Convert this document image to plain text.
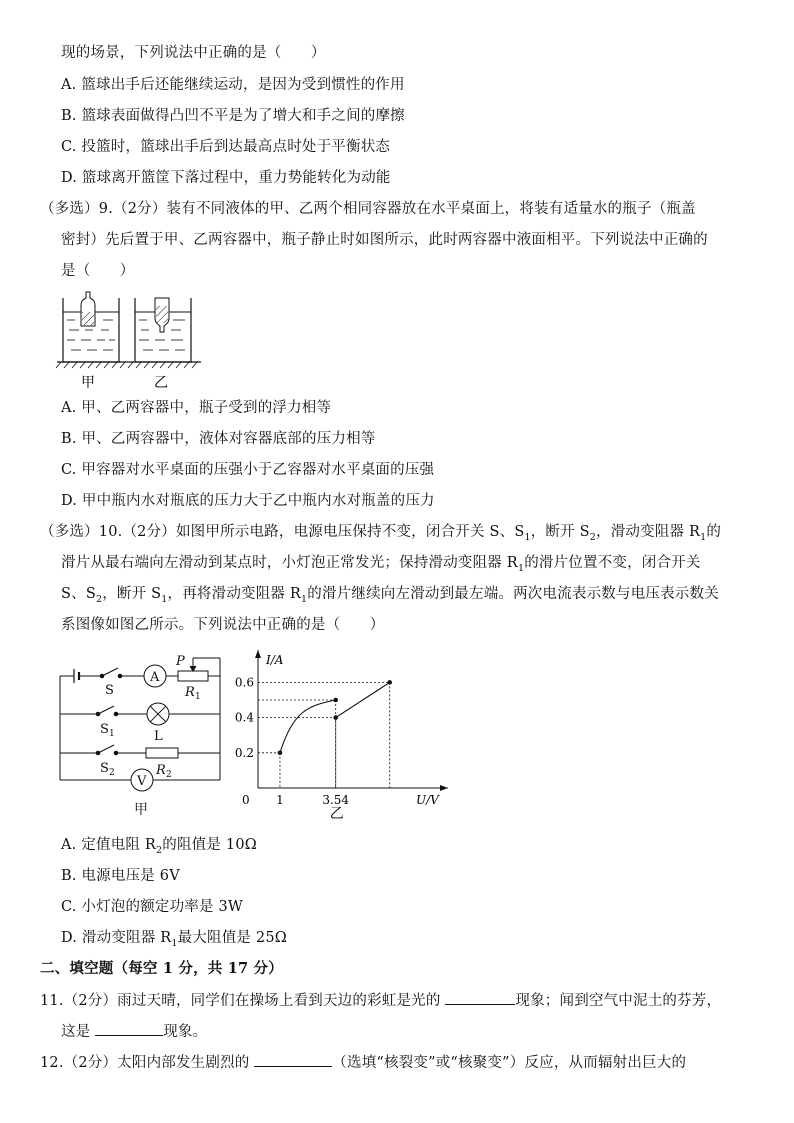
现的场景，下列说法中正确的是（　　）
A. 篮球出手后还能继续运动，是因为受到惯性的作用
B. 篮球表面做得凸凹不平是为了增大和手之间的摩擦
C. 投篮时，篮球出手后到达最高点时处于平衡状态
D. 篮球离开篮筐下落过程中，重力势能转化为动能
（多选）9.（2分）装有不同液体的甲、乙两个相同容器放在水平桌面上，将装有适量水的瓶子（瓶盖
密封）先后置于甲、乙两容器中，瓶子静止时如图所示，此时两容器中液面相平。下列说法中正确的
是（　　）
甲	乙
A. 甲、乙两容器中，瓶子受到的浮力相等
B. 甲、乙两容器中，液体对容器底部的压力相等
C. 甲容器对水平桌面的压强小于乙容器对水平桌面的压强
D. 甲中瓶内水对瓶底的压力大于乙中瓶内水对瓶盖的压力
（多选）10.（2分）如图甲所示电路，电源电压保持不变，闭合开关 S、$S_1$，断开 $S_2$，滑动变阻器 $R_1$的
滑片从最右端向左滑动到某点时，小灯泡正常发光；保持滑动变阻器 $R_1$的滑片位置不变，闭合开关
S、$S_2$，断开 $S_1$，再将滑动变阻器 $R_1$的滑片继续向左滑动到最左端。两次电流表示数与电压表示数关
系图像如图乙所示。下列说法中正确的是（　　）
S
A
P
R 1
S 1	L
S 2	R 2
V
甲
0 1	3.54
0.2
0.4
0.6
I/A
U/V
乙
A. 定值电阻 $R_2$的阻值是 10Ω
B. 电源电压是 6V
C. 小灯泡的额定功率是 3W
D. 滑动变阻器 $R_1$最大阻值是 25Ω
二、填空题（每空 1 分，共 17 分）
11.（2分）雨过天晴，同学们在操场上看到天边的彩虹是光的	现象；闻到空气中泥土的芬芳，
这是	现象。
12.（2分）太阳内部发生剧烈的	（选填“核裂变”或“核聚变”）反应，从而辐射出巨大的
